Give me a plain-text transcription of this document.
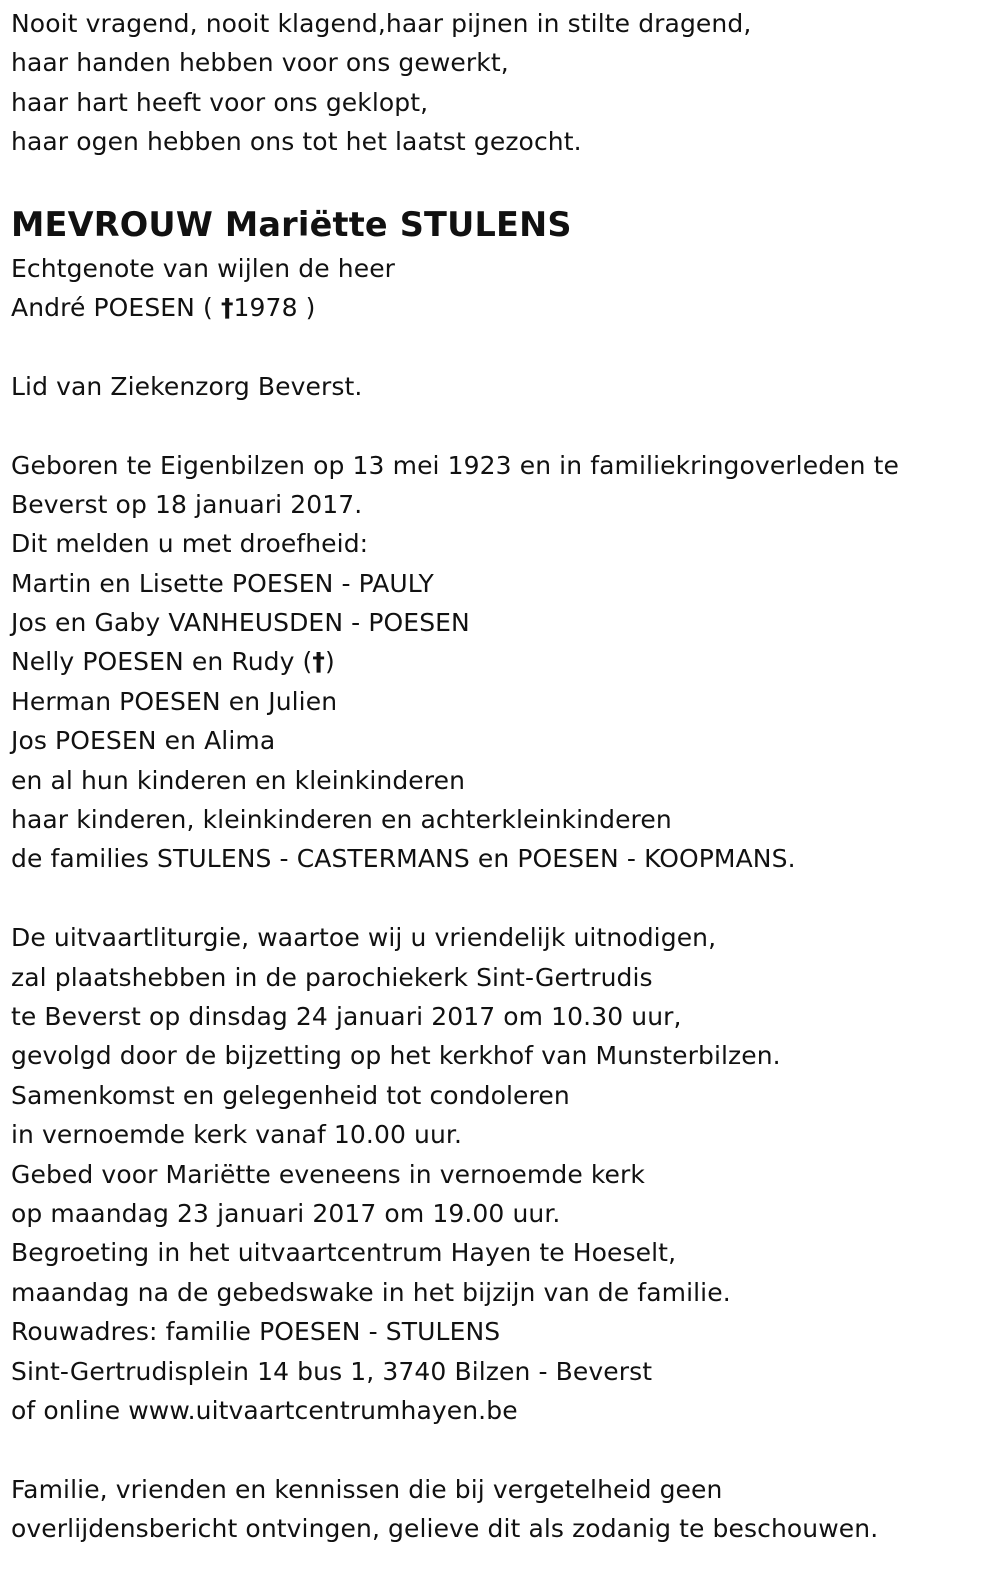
Nooit vragend, nooit klagend,haar pijnen in stilte dragend,
haar handen hebben voor ons gewerkt,
haar hart heeft voor ons geklopt,
haar ogen hebben ons tot het laatst gezocht.
MEVROUW Mariëtte STULENS
Echtgenote van wijlen de heer
André POESEN ( †1978 )
Lid van Ziekenzorg Beverst.
Geboren te Eigenbilzen op 13 mei 1923 en in familiekringoverleden te
Beverst op 18 januari 2017.
Dit melden u met droefheid:
Martin en Lisette POESEN - PAULY
Jos en Gaby VANHEUSDEN - POESEN
Nelly POESEN en Rudy (†)
Herman POESEN en Julien
Jos POESEN en Alima
en al hun kinderen en kleinkinderen
haar kinderen, kleinkinderen en achterkleinkinderen
de families STULENS - CASTERMANS en POESEN - KOOPMANS.
De uitvaartliturgie, waartoe wij u vriendelijk uitnodigen,
zal plaatshebben in de parochiekerk Sint-Gertrudis
te Beverst op dinsdag 24 januari 2017 om 10.30 uur,
gevolgd door de bijzetting op het kerkhof van Munsterbilzen.
Samenkomst en gelegenheid tot condoleren
in vernoemde kerk vanaf 10.00 uur.
Gebed voor Mariëtte eveneens in vernoemde kerk
op maandag 23 januari 2017 om 19.00 uur.
Begroeting in het uitvaartcentrum Hayen te Hoeselt,
maandag na de gebedswake in het bijzijn van de familie.
Rouwadres: familie POESEN - STULENS
Sint-Gertrudisplein 14 bus 1, 3740 Bilzen - Beverst
of online www.uitvaartcentrumhayen.be
Familie, vrienden en kennissen die bij vergetelheid geen
overlijdensbericht ontvingen, gelieve dit als zodanig te beschouwen.
